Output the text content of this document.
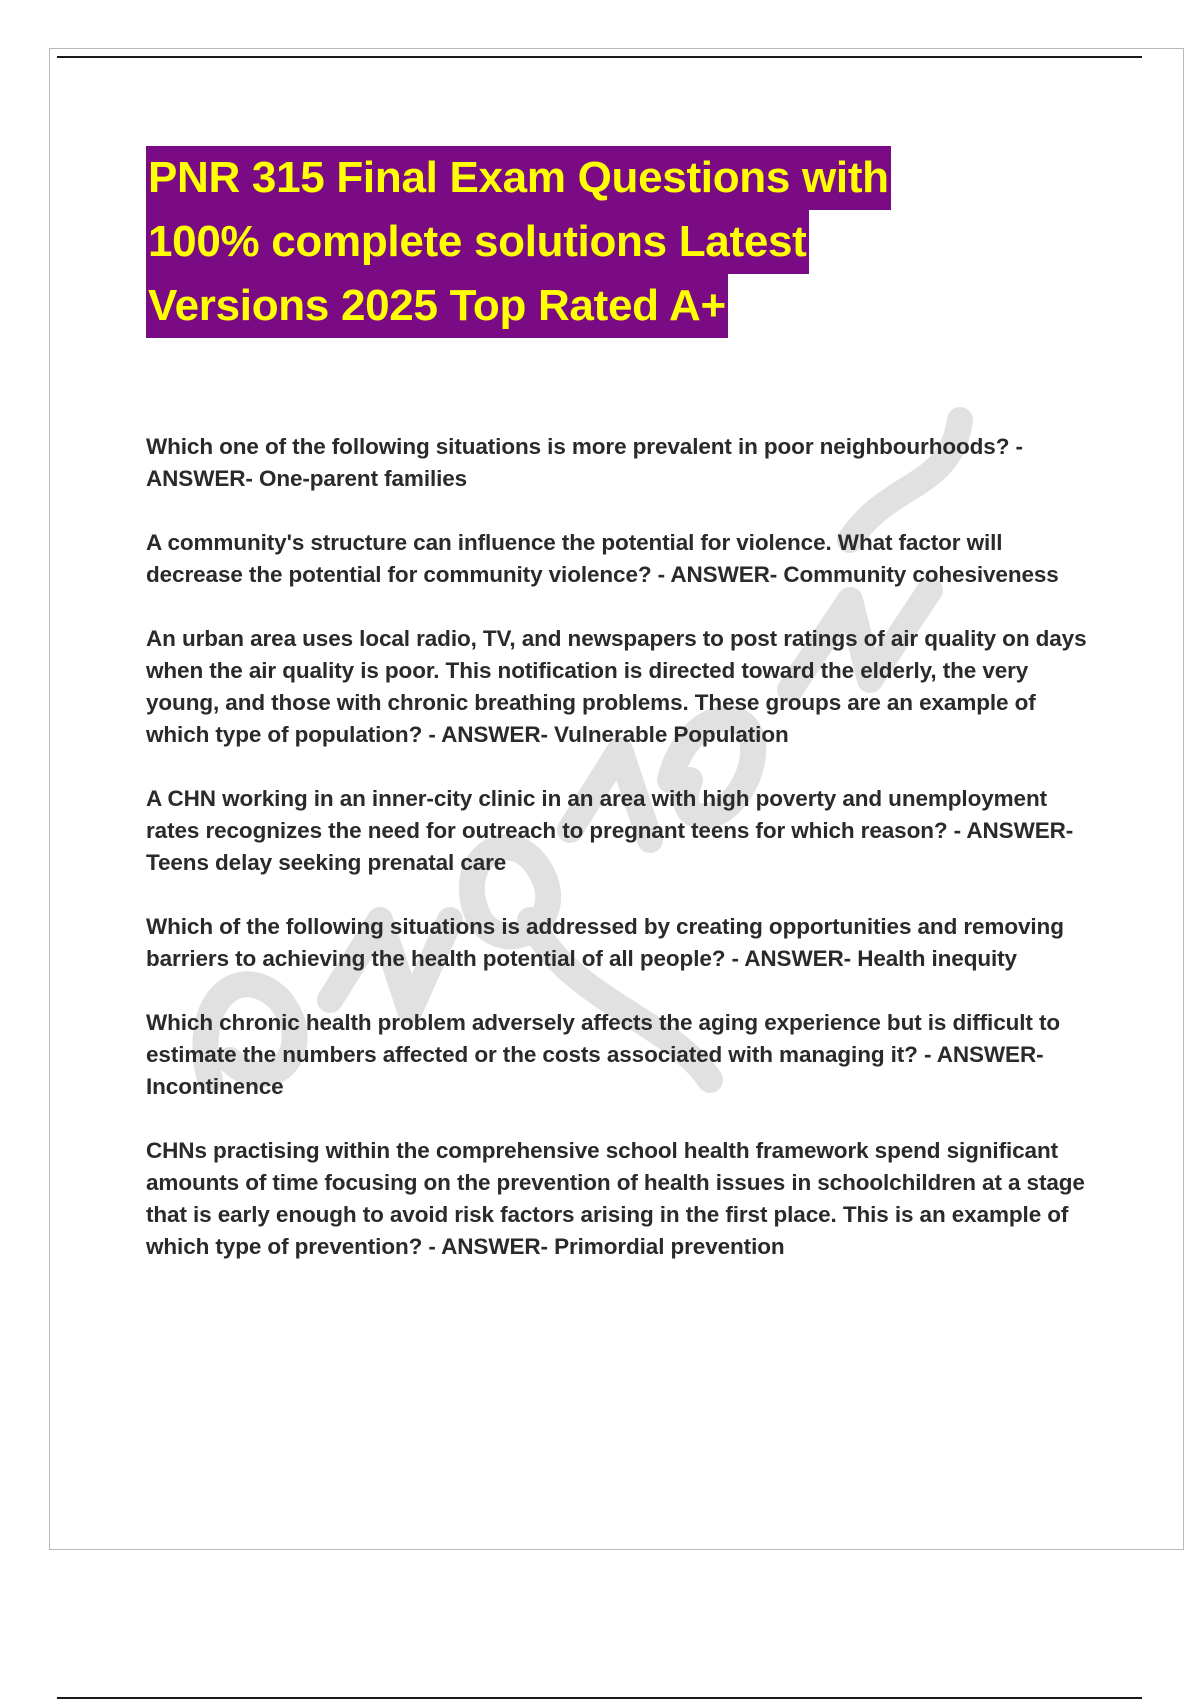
PNR 315 Final Exam Questions with
100% complete solutions Latest
Versions 2025 Top Rated A+

Which one of the following situations is more prevalent in poor neighbourhoods? - ANSWER- One-parent families

A community's structure can influence the potential for violence. What factor will decrease the potential for community violence? - ANSWER- Community cohesiveness

An urban area uses local radio, TV, and newspapers to post ratings of air quality on days when the air quality is poor. This notification is directed toward the elderly, the very young, and those with chronic breathing problems. These groups are an example of which type of population? - ANSWER- Vulnerable Population

A CHN working in an inner-city clinic in an area with high poverty and unemployment rates recognizes the need for outreach to pregnant teens for which reason? - ANSWER- Teens delay seeking prenatal care

Which of the following situations is addressed by creating opportunities and removing barriers to achieving the health potential of all people? - ANSWER- Health inequity

Which chronic health problem adversely affects the aging experience but is difficult to estimate the numbers affected or the costs associated with managing it? - ANSWER- Incontinence

CHNs practising within the comprehensive school health framework spend significant amounts of time focusing on the prevention of health issues in schoolchildren at a stage that is early enough to avoid risk factors arising in the first place. This is an example of which type of prevention? - ANSWER- Primordial prevention
